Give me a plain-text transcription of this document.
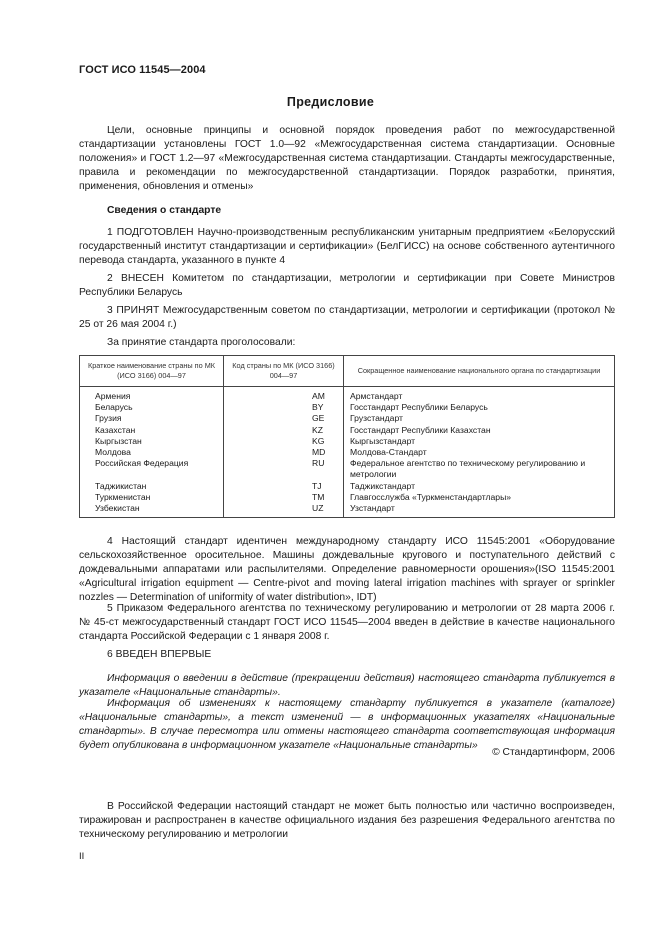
ГОСТ ИСО 11545—2004
Предисловие

Цели, основные принципы и основной порядок проведения работ по межгосударственной стандартизации установлены ГОСТ 1.0—92 «Межгосударственная система стандартизации. Основные положения» и ГОСТ 1.2—97 «Межгосударственная система стандартизации. Стандарты межгосударственные, правила и рекомендации по межгосударственной стандартизации. Порядок разработки, принятия, применения, обновления и отмены»

Сведения о стандарте

1 ПОДГОТОВЛЕН Научно-производственным республиканским унитарным предприятием «Белорусский государственный институт стандартизации и сертификации» (БелГИСС) на основе собственного аутентичного перевода стандарта, указанного в пункте 4

2 ВНЕСЕН Комитетом по стандартизации, метрологии и сертификации при Совете Министров Республики Беларусь

3 ПРИНЯТ Межгосударственным советом по стандартизации, метрологии и сертификации (протокол № 25 от 26 мая 2004 г.)

За принятие стандарта проголосовали:

Краткое наименование страны по МК (ИСО 3166) 004—97	Код страны по МК (ИСО 3166) 004—97	Сокращенное наименование национального органа по стандартизации
Армения	AM	Армстандарт
Беларусь	BY	Госстандарт Республики Беларусь
Грузия	GE	Грузстандарт
Казахстан	KZ	Госстандарт Республики Казахстан
Кыргызстан	KG	Кыргызстандарт
Молдова	MD	Молдова-Стандарт
Российская Федерация	RU	Федеральное агентство по техническому регулированию и метрологии
Таджикистан	TJ	Таджикстандарт
Туркменистан	TM	Главгосслужба «Туркменстандартлары»
Узбекистан	UZ	Узстандарт

4 Настоящий стандарт идентичен международному стандарту ИСО 11545:2001 «Оборудование сельскохозяйственное оросительное. Машины дождевальные кругового и поступательного действий с дождевальными аппаратами или распылителями. Определение равномерности орошения»(ISO 11545:2001 «Agricultural irrigation equipment — Centre-pivot and moving lateral irrigation machines with sprayer or sprinkler nozzles — Determination of uniformity of water distribution», IDT)

5 Приказом Федерального агентства по техническому регулированию и метрологии от 28 марта 2006 г. № 45-ст межгосударственный стандарт ГОСТ ИСО 11545—2004 введен в действие в качестве национального стандарта Российской Федерации с 1 января 2008 г.

6 ВВЕДЕН ВПЕРВЫЕ

Информация о введении в действие (прекращении действия) настоящего стандарта публикуется в указателе «Национальные стандарты».

Информация об изменениях к настоящему стандарту публикуется в указателе (каталоге) «Национальные стандарты», а текст изменений — в информационных указателях «Национальные стандарты». В случае пересмотра или отмены настоящего стандарта соответствующая информация будет опубликована в информационном указателе «Национальные стандарты»

© Стандартинформ, 2006

В Российской Федерации настоящий стандарт не может быть полностью или частично воспроизведен, тиражирован и распространен в качестве официального издания без разрешения Федерального агентства по техническому регулированию и метрологии

II
